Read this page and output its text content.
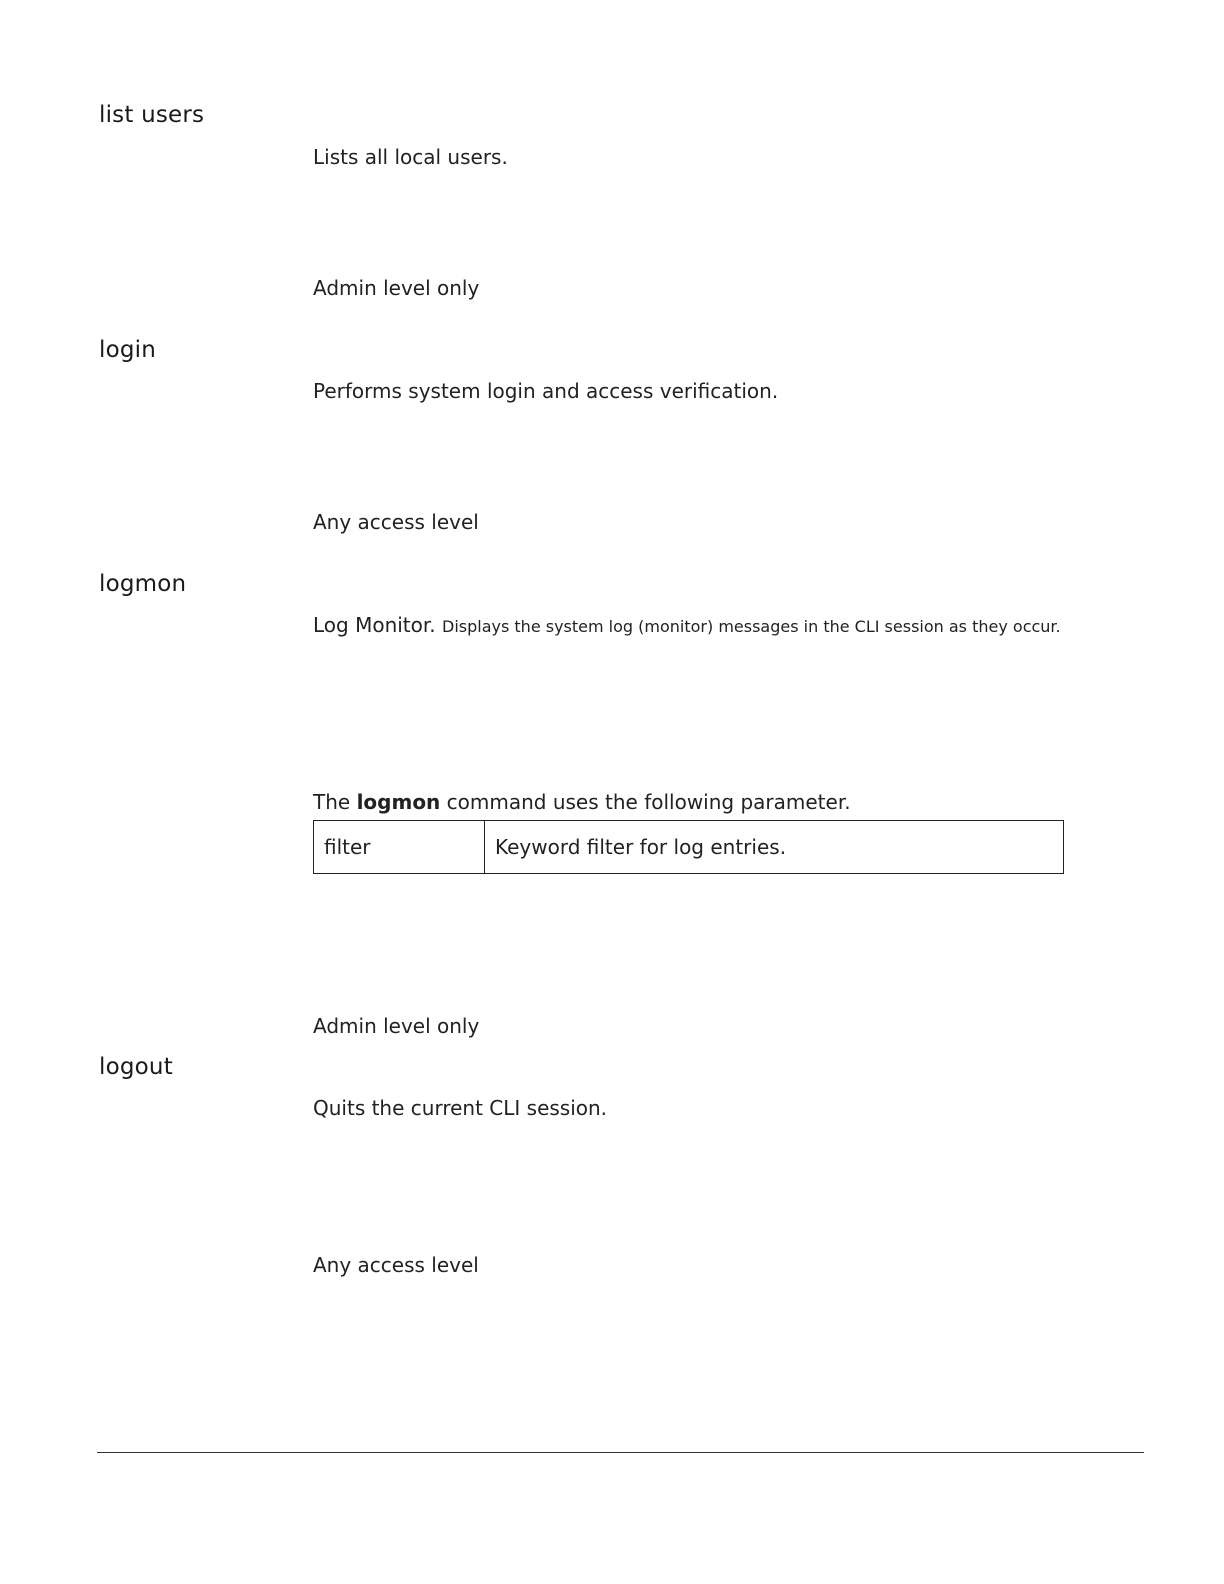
list users
Lists all local users.
Admin level only
login
Performs system login and access verification.
Any access level
logmon
Log Monitor. Displays the system log (monitor) messages in the CLI session as they occur.
The logmon command uses the following parameter.
filter	Keyword filter for log entries.
Admin level only
logout
Quits the current CLI session.
Any access level
